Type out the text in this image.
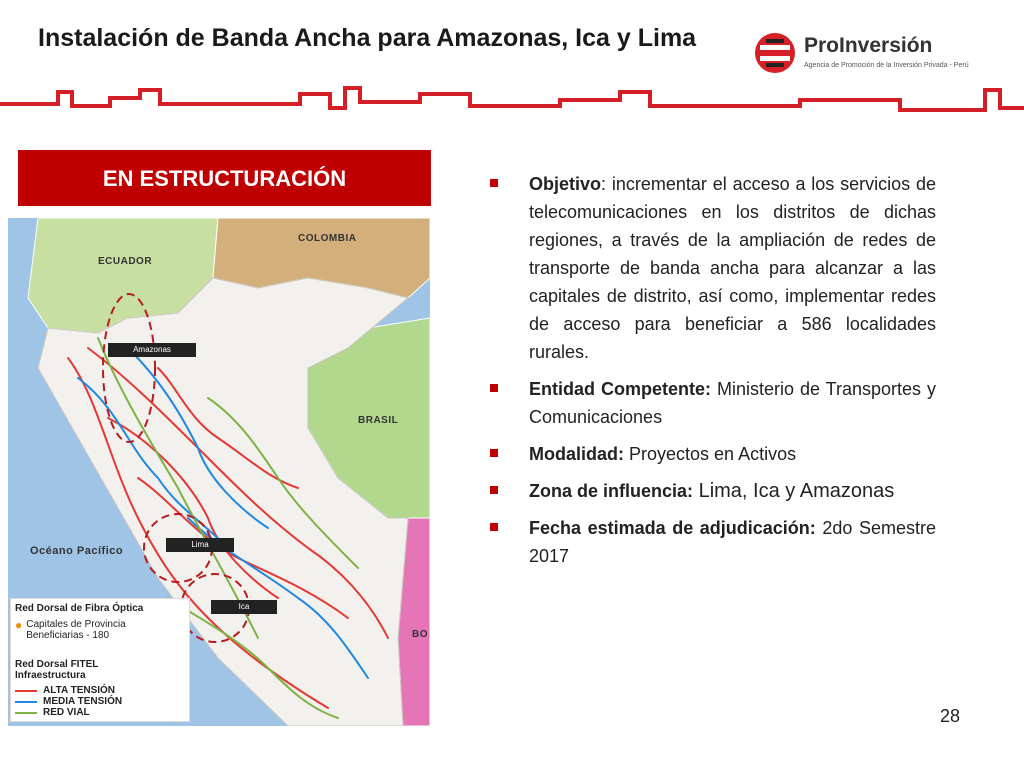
Instalación de Banda Ancha para Amazonas, Ica y Lima	ProInversión
Agencia de Promoción de la Inversión Privada - Perú
EN ESTRUCTURACIÓN
ECUADOR
COLOMBIA
BRASIL
BO
Océano Pacífico
Amazonas
Lima
Ica
Red Dorsal de Fibra Óptica
● Capitales de Provincia Beneficiarias - 180
Red Dorsal FITEL Infraestructura
ALTA TENSIÓN
MEDIA TENSIÓN
RED VIAL
Objetivo: incrementar el acceso a los servicios de telecomunicaciones en los distritos de dichas regiones, a través de la ampliación de redes de transporte de banda ancha para alcanzar a las capitales de distrito, así como, implementar redes de acceso para beneficiar a 586 localidades rurales.
Entidad Competente: Ministerio de Transportes y Comunicaciones
Modalidad: Proyectos en Activos
Zona de influencia: Lima, Ica y Amazonas
Fecha estimada de adjudicación: 2do Semestre 2017
28
